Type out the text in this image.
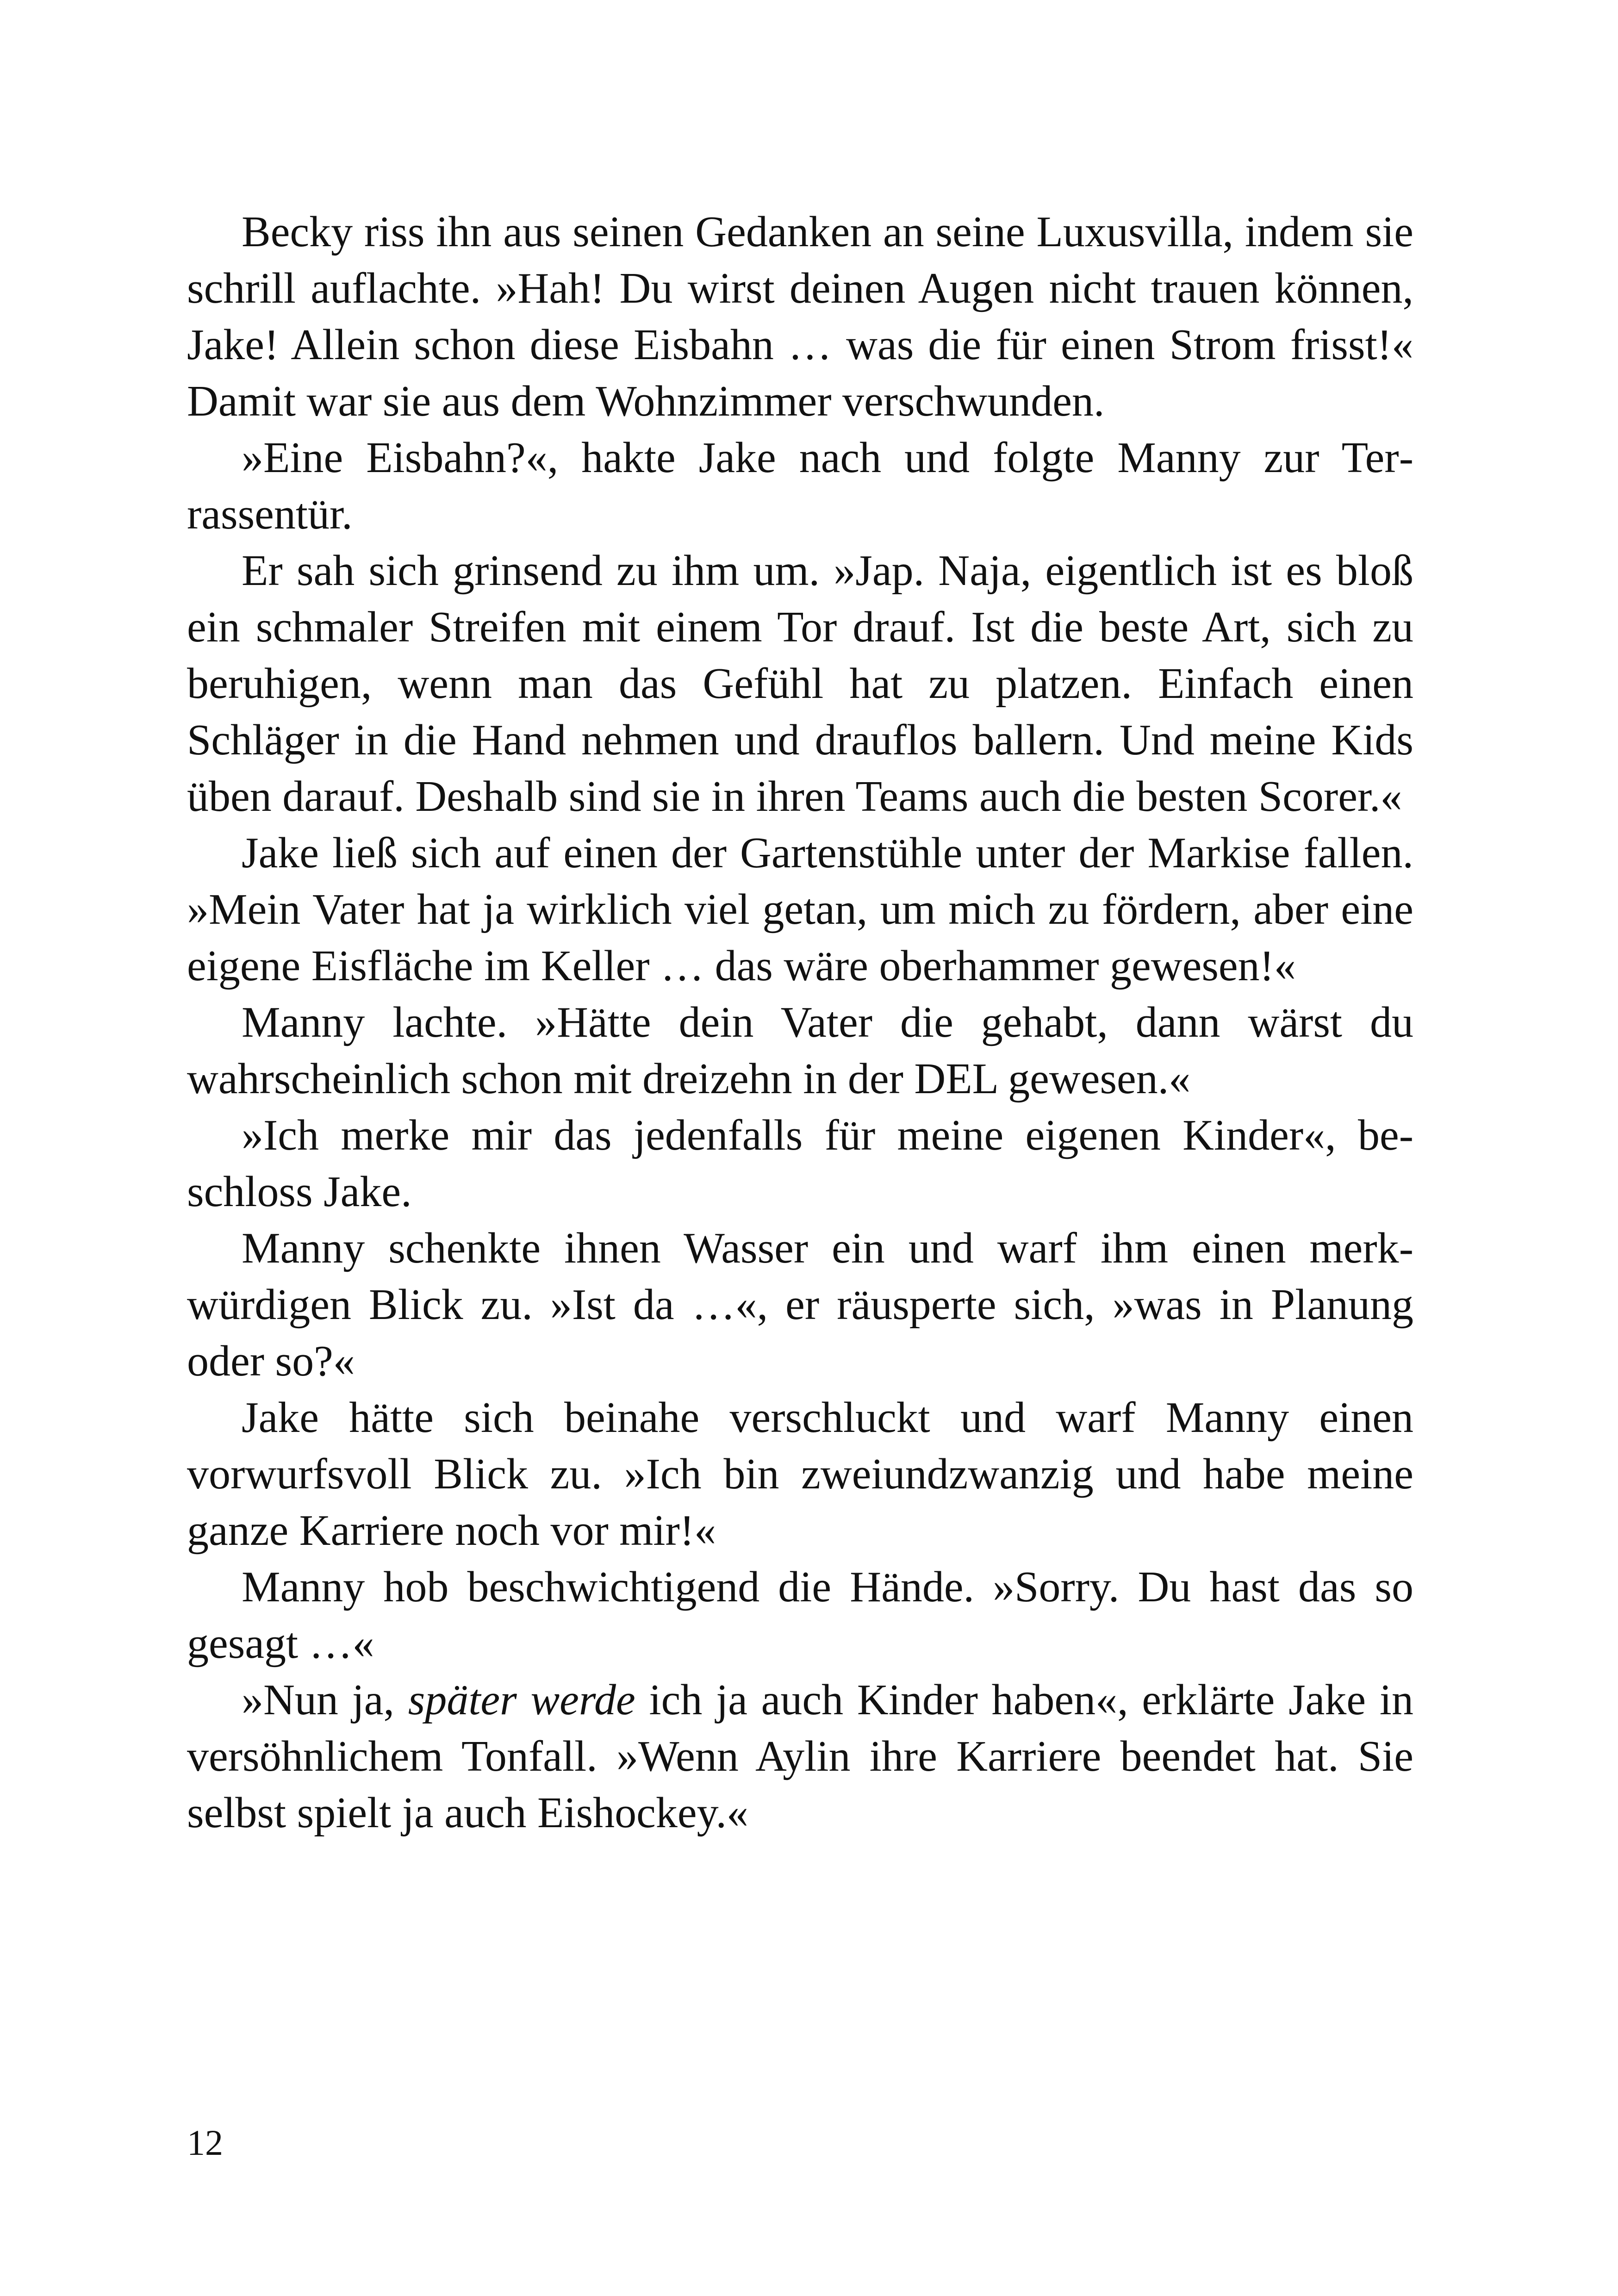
Becky riss ihn aus seinen Gedanken an seine Luxusvilla, indem sie schrill auflachte. »Hah! Du wirst deinen Augen nicht trauen können, Jake! Allein schon diese Eisbahn … was die für einen Strom frisst!« Damit war sie aus dem Wohnzimmer verschwunden.

»Eine Eisbahn?«, hakte Jake nach und folgte Manny zur Terrassentür.

Er sah sich grinsend zu ihm um. »Jap. Naja, eigentlich ist es bloß ein schmaler Streifen mit einem Tor drauf. Ist die beste Art, sich zu beruhigen, wenn man das Gefühl hat zu platzen. Einfach einen Schläger in die Hand nehmen und drauflos ballern. Und meine Kids üben darauf. Deshalb sind sie in ihren Teams auch die besten Scorer.«

Jake ließ sich auf einen der Gartenstühle unter der Markise fallen. »Mein Vater hat ja wirklich viel getan, um mich zu fördern, aber eine eigene Eisfläche im Keller … das wäre oberhammer gewesen!«

Manny lachte. »Hätte dein Vater die gehabt, dann wärst du wahrscheinlich schon mit dreizehn in der DEL gewesen.«

»Ich merke mir das jedenfalls für meine eigenen Kinder«, beschloss Jake.

Manny schenkte ihnen Wasser ein und warf ihm einen merkwürdigen Blick zu. »Ist da …«, er räusperte sich, »was in Planung oder so?«

Jake hätte sich beinahe verschluckt und warf Manny einen vorwurfsvoll Blick zu. »Ich bin zweiundzwanzig und habe meine ganze Karriere noch vor mir!«

Manny hob beschwichtigend die Hände. »Sorry. Du hast das so gesagt …«

»Nun ja, später werde ich ja auch Kinder haben«, erklärte Jake in versöhnlichem Tonfall. »Wenn Aylin ihre Karriere beendet hat. Sie selbst spielt ja auch Eishockey.«

12
